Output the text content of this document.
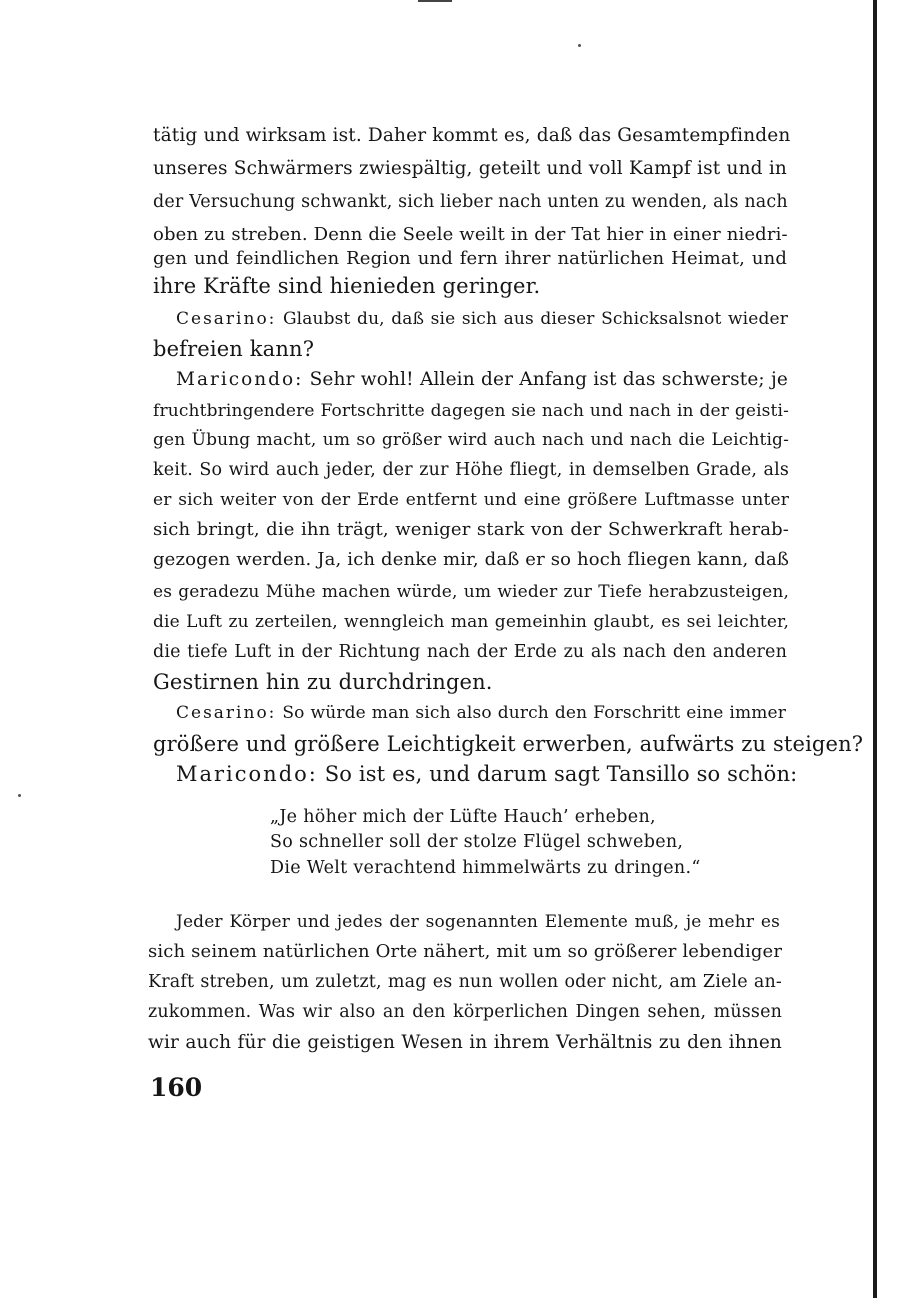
tätig und wirksam ist. Daher kommt es, daß das Gesamtempfinden
unseres Schwärmers zwiespältig, geteilt und voll Kampf ist und in
der Versuchung schwankt, sich lieber nach unten zu wenden, als nach
oben zu streben. Denn die Seele weilt in der Tat hier in einer niedri-
gen und feindlichen Region und fern ihrer natürlichen Heimat, und
ihre Kräfte sind hienieden geringer.
Cesarino: Glaubst du, daß sie sich aus dieser Schicksalsnot wieder
befreien kann?
Maricondo: Sehr wohl! Allein der Anfang ist das schwerste; je
fruchtbringendere Fortschritte dagegen sie nach und nach in der geisti-
gen Übung macht, um so größer wird auch nach und nach die Leichtig-
keit. So wird auch jeder, der zur Höhe fliegt, in demselben Grade, als
er sich weiter von der Erde entfernt und eine größere Luftmasse unter
sich bringt, die ihn trägt, weniger stark von der Schwerkraft herab-
gezogen werden. Ja, ich denke mir, daß er so hoch fliegen kann, daß
es geradezu Mühe machen würde, um wieder zur Tiefe herabzusteigen,
die Luft zu zerteilen, wenngleich man gemeinhin glaubt, es sei leichter,
die tiefe Luft in der Richtung nach der Erde zu als nach den anderen
Gestirnen hin zu durchdringen.
Cesarino: So würde man sich also durch den Forschritt eine immer
größere und größere Leichtigkeit erwerben, aufwärts zu steigen?
Maricondo: So ist es, und darum sagt Tansillo so schön:
„Je höher mich der Lüfte Hauch’ erheben,
So schneller soll der stolze Flügel schweben,
Die Welt verachtend himmelwärts zu dringen.“
Jeder Körper und jedes der sogenannten Elemente muß, je mehr es
sich seinem natürlichen Orte nähert, mit um so größerer lebendiger
Kraft streben, um zuletzt, mag es nun wollen oder nicht, am Ziele an-
zukommen. Was wir also an den körperlichen Dingen sehen, müssen
wir auch für die geistigen Wesen in ihrem Verhältnis zu den ihnen
160
